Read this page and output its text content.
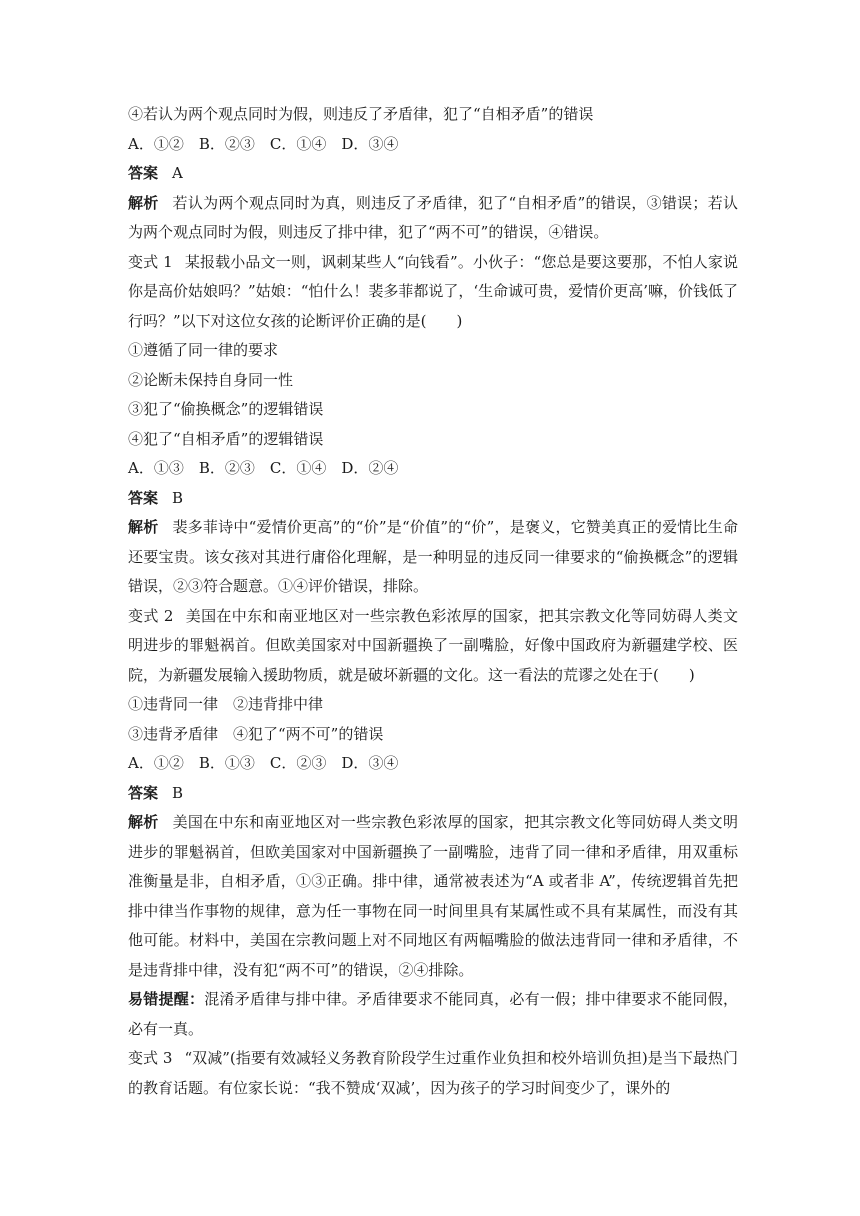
④若认为两个观点同时为假，则违反了矛盾律，犯了“自相矛盾”的错误
A．①②　B．②③　C．①④　D．③④
答案 A
解析 若认为两个观点同时为真，则违反了矛盾律，犯了“自相矛盾”的错误，③错误；若认为两个观点同时为假，则违反了排中律，犯了“两不可”的错误，④错误。
变式 1 某报载小品文一则，讽刺某些人“向钱看”。小伙子：“您总是要这要那，不怕人家说你是高价姑娘吗？”姑娘：“怕什么！裴多菲都说了，‘生命诚可贵，爱情价更高’嘛，价钱低了行吗？”以下对这位女孩的论断评价正确的是(　　)
①遵循了同一律的要求
②论断未保持自身同一性
③犯了“偷换概念”的逻辑错误
④犯了“自相矛盾”的逻辑错误
A．①③　B．②③　C．①④　D．②④
答案 B
解析 裴多菲诗中“爱情价更高”的“价”是“价值”的“价”，是褒义，它赞美真正的爱情比生命还要宝贵。该女孩对其进行庸俗化理解，是一种明显的违反同一律要求的“偷换概念”的逻辑错误，②③符合题意。①④评价错误，排除。
变式 2 美国在中东和南亚地区对一些宗教色彩浓厚的国家，把其宗教文化等同妨碍人类文明进步的罪魁祸首。但欧美国家对中国新疆换了一副嘴脸，好像中国政府为新疆建学校、医院，为新疆发展输入援助物质，就是破坏新疆的文化。这一看法的荒谬之处在于(　　)
①违背同一律　②违背排中律
③违背矛盾律　④犯了“两不可”的错误
A．①②　B．①③　C．②③　D．③④
答案 B
解析 美国在中东和南亚地区对一些宗教色彩浓厚的国家，把其宗教文化等同妨碍人类文明进步的罪魁祸首，但欧美国家对中国新疆换了一副嘴脸，违背了同一律和矛盾律，用双重标准衡量是非，自相矛盾，①③正确。排中律，通常被表述为“A 或者非 A”，传统逻辑首先把排中律当作事物的规律，意为任一事物在同一时间里具有某属性或不具有某属性，而没有其他可能。材料中，美国在宗教问题上对不同地区有两幅嘴脸的做法违背同一律和矛盾律，不是违背排中律，没有犯“两不可”的错误，②④排除。
易错提醒：混淆矛盾律与排中律。矛盾律要求不能同真，必有一假；排中律要求不能同假，必有一真。
变式 3 “双减”(指要有效减轻义务教育阶段学生过重作业负担和校外培训负担)是当下最热门的教育话题。有位家长说：“我不赞成‘双减’，因为孩子的学习时间变少了，课外的
